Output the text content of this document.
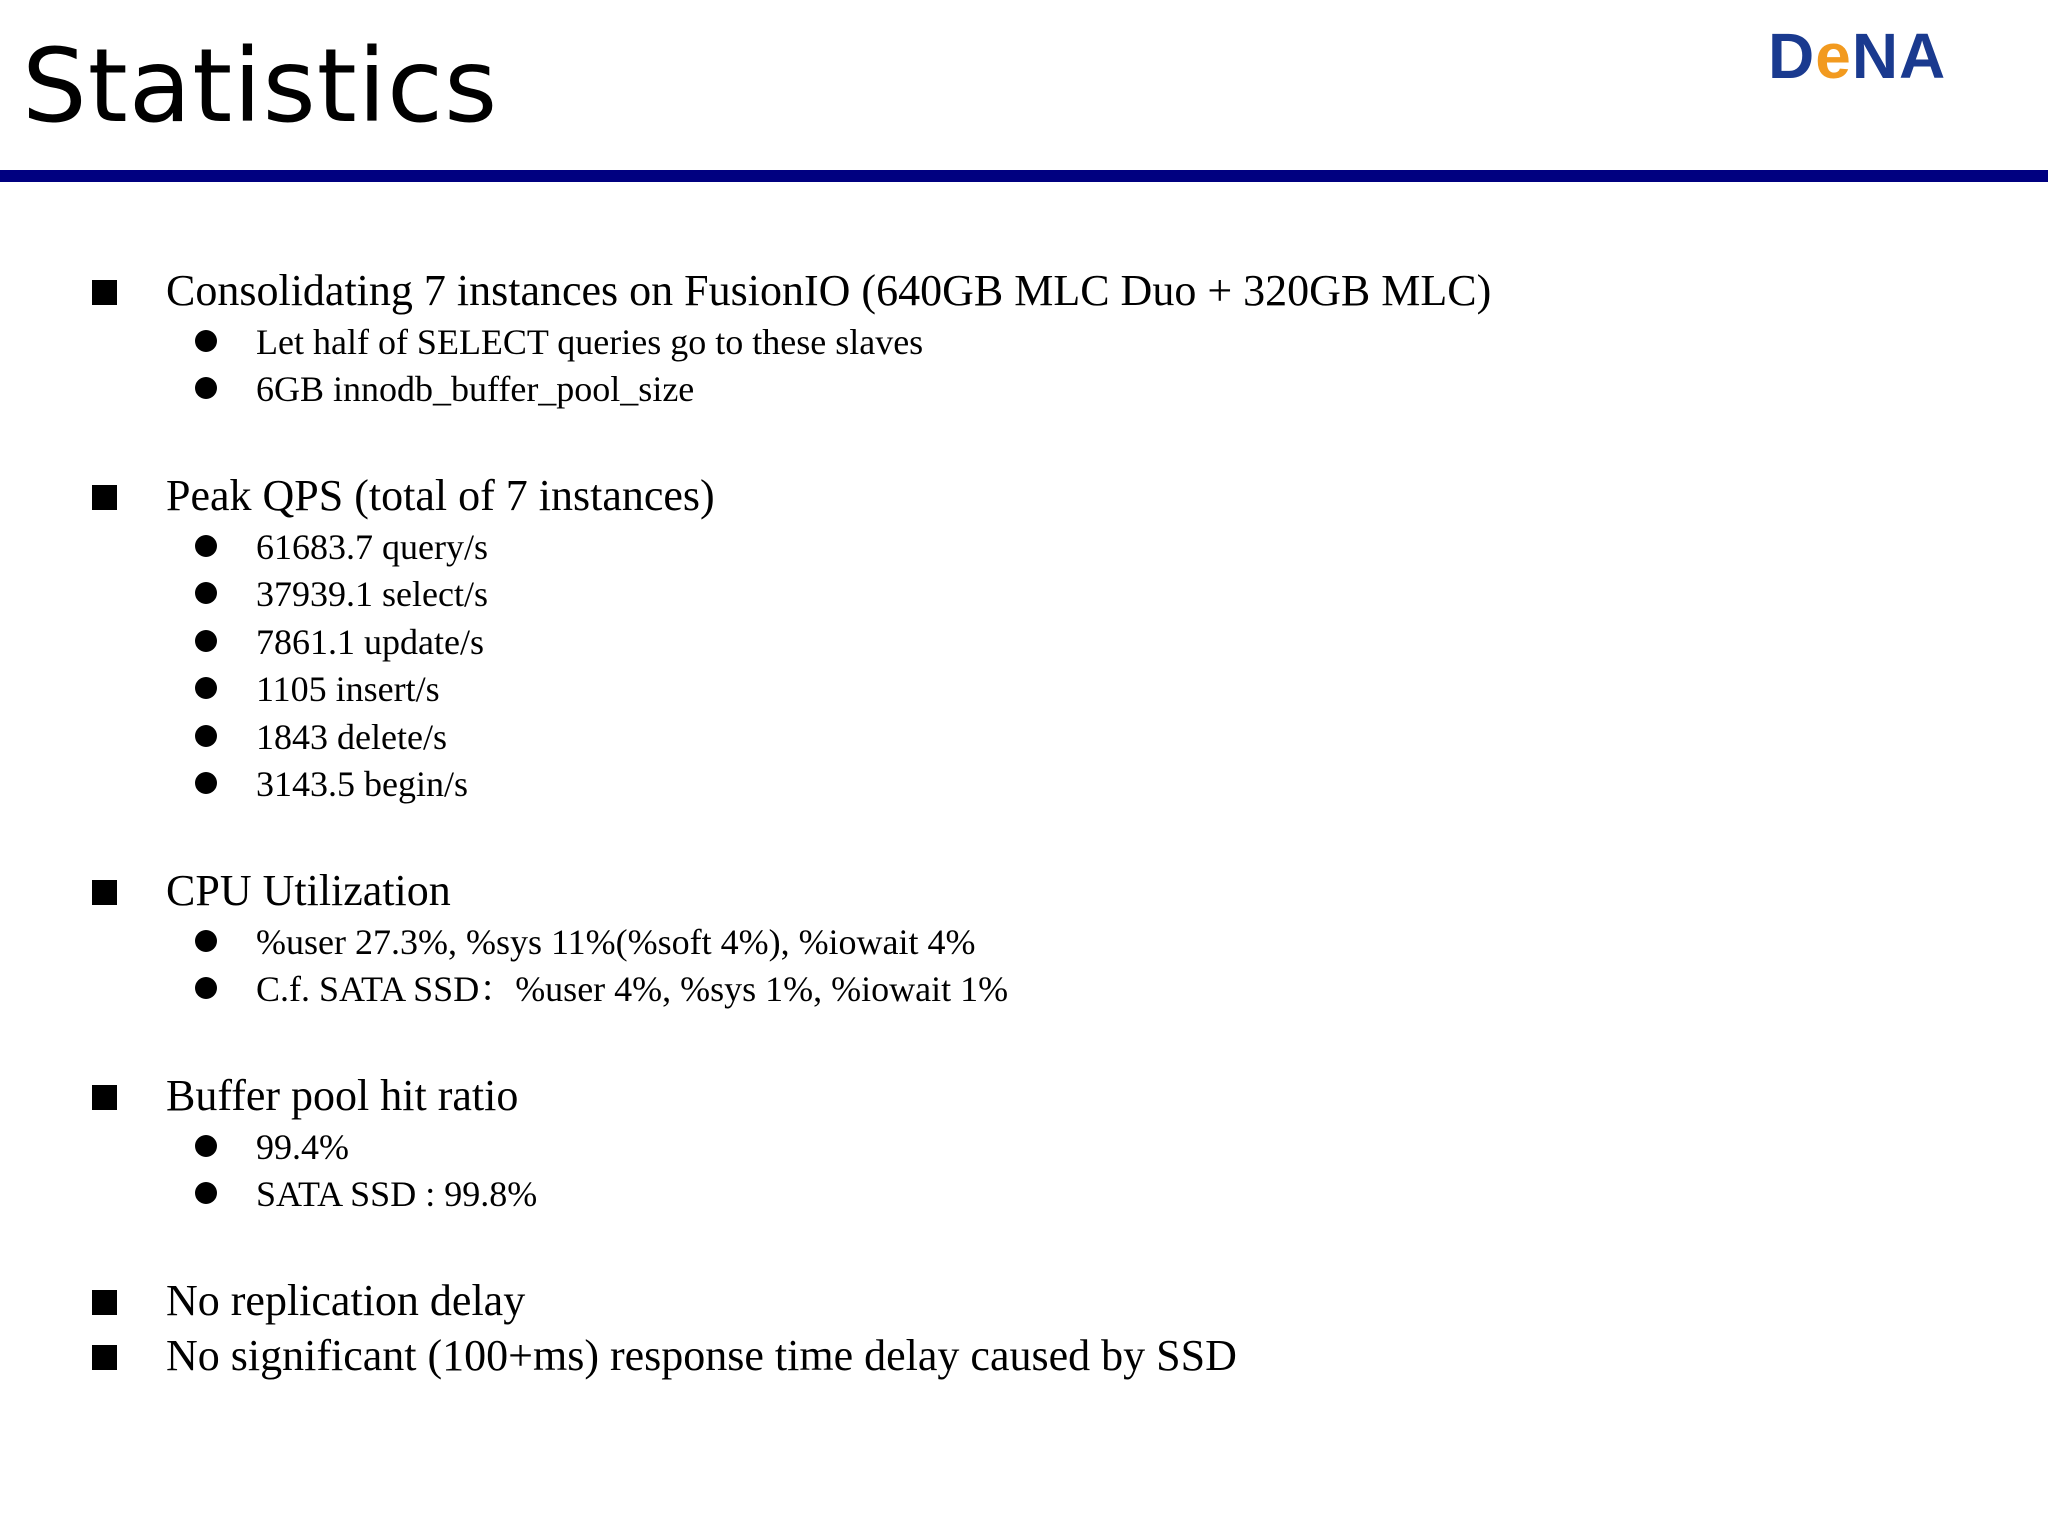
Statistics	DeNA
Consolidating 7 instances on FusionIO (640GB MLC Duo + 320GB MLC)
Let half of SELECT queries go to these slaves
6GB innodb_buffer_pool_size
Peak QPS (total of 7 instances)
61683.7 query/s
37939.1 select/s
7861.1 update/s
1105 insert/s
1843 delete/s
3143.5 begin/s
CPU Utilization
%user 27.3%, %sys 11%(%soft 4%), %iowait 4%
C.f. SATA SSD：%user 4%, %sys 1%, %iowait 1%
Buffer pool hit ratio
99.4%
SATA SSD : 99.8%
No replication delay
No significant (100+ms) response time delay caused by SSD
